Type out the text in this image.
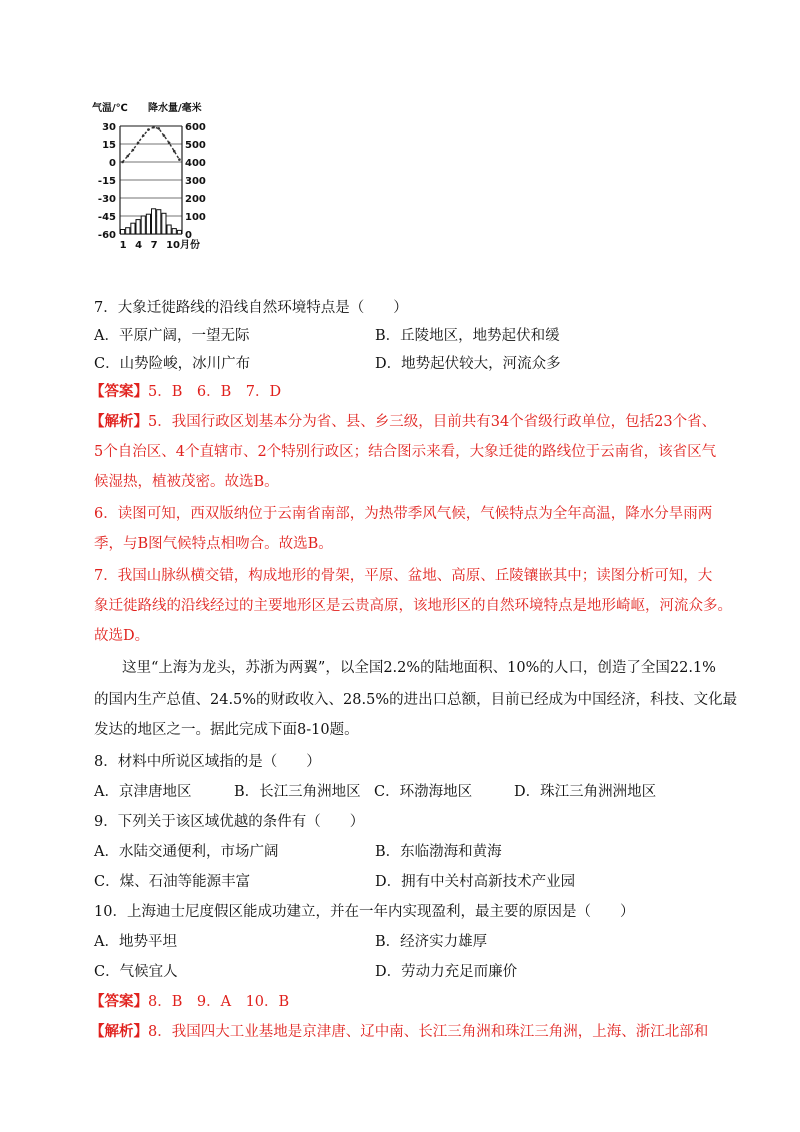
气温/℃ 降水量/毫米
30	600
15	500
0	400
-15	300
-30	200
-45	100
-60	0
1 4 7 10月份
7．大象迁徙路线的沿线自然环境特点是（　　）
A．平原广阔，一望无际	B．丘陵地区，地势起伏和缓
C．山势险峻，冰川广布	D．地势起伏较大，河流众多
【答案】5．B　6．B　7．D
【解析】5．我国行政区划基本分为省、县、乡三级，目前共有34个省级行政单位，包括23个省、
5个自治区、4个直辖市、2个特别行政区；结合图示来看，大象迁徙的路线位于云南省，该省区气
候湿热，植被茂密。故选B。
6．读图可知，西双版纳位于云南省南部，为热带季风气候，气候特点为全年高温，降水分旱雨两
季，与B图气候特点相吻合。故选B。
7．我国山脉纵横交错，构成地形的骨架，平原、盆地、高原、丘陵镶嵌其中；读图分析可知，大
象迁徙路线的沿线经过的主要地形区是云贵高原，该地形区的自然环境特点是地形崎岖，河流众多。
故选D。
这里“上海为龙头，苏浙为两翼”，以全国2.2%的陆地面积、10%的人口，创造了全国22.1%
的国内生产总值、24.5%的财政收入、28.5%的进出口总额，目前已经成为中国经济，科技、文化最
发达的地区之一。据此完成下面8-10题。
8．材料中所说区域指的是（　　）
A．京津唐地区	B．长江三角洲地区 C．环渤海地区	D．珠江三角洲洲地区
9．下列关于该区域优越的条件有（　　）
A．水陆交通便利，市场广阔	B．东临渤海和黄海
C．煤、石油等能源丰富	D．拥有中关村高新技术产业园
10．上海迪士尼度假区能成功建立，并在一年内实现盈利，最主要的原因是（　　）
A．地势平坦	B．经济实力雄厚
C．气候宜人	D．劳动力充足而廉价
【答案】8．B　9．A　10．B
【解析】8．我国四大工业基地是京津唐、辽中南、长江三角洲和珠江三角洲，上海、浙江北部和
